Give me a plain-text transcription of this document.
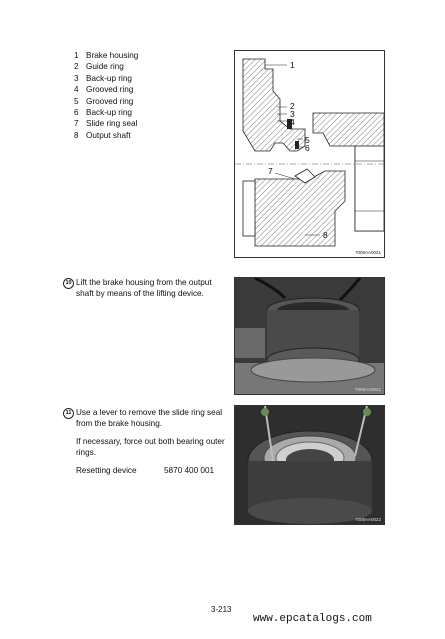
1 Brake housing
2 Guide ring
3 Back-up ring
4 Grooved ring
5 Grooved ring
6 Back-up ring
7 Slide ring seal
8 Output shaft
1
2
3
4
5
6
7
8
7008AA0021
10 Lift the brake housing from the output
shaft by means of the lifting device.
7008AA0021
11 Use a lever to remove the slide ring seal
from the brake housing.
If necessary, force out both bearing outer
rings.
Resetting device	5870 400 001
7008AA0022
3-213
www.epcatalogs.com
